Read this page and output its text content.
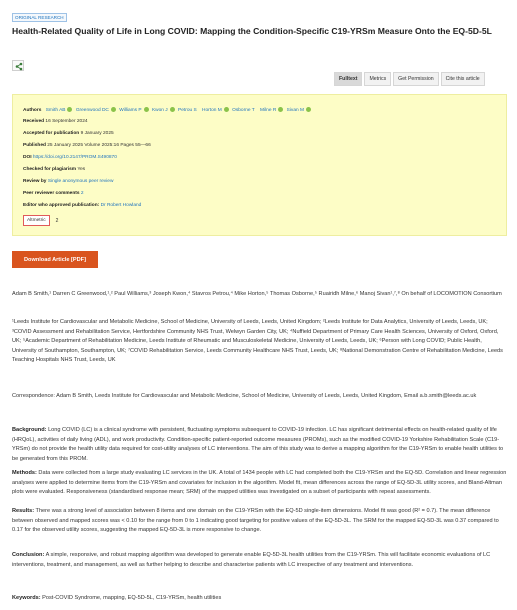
ORIGINAL RESEARCH
Health-Related Quality of Life in Long COVID: Mapping the Condition-Specific C19-YRSm Measure Onto the EQ-5D-5L
Fulltext	Metrics	Get Permission	Cite this article
Authors Smith AB Greenwood DC Williams P Kwon J Petrou S Horton M Osborne T Milne R Sivan M
Received 16 September 2024
Accepted for publication 9 January 2025
Published 25 January 2025 Volume 2025:16 Pages 55—66
DOI https://doi.org/10.2147/PROM.S490870
Checked for plagiarism Yes
Review by Single anonymous peer review
Peer reviewer comments 2
Editor who approved publication: Dr Robert Howland
Altmetric	2
Download Article [PDF]

Adam B Smith,¹ Darren C Greenwood,¹,² Paul Williams,³ Joseph Kwon,⁴ Stavros Petrou,⁴ Mike Horton,⁵ Thomas Osborne,⁵ Ruairidh Milne,⁶ Manoj Sivan¹,⁷,⁸ On behalf of LOCOMOTION Consortium

¹Leeds Institute for Cardiovascular and Metabolic Medicine, School of Medicine, University of Leeds, Leeds, United Kingdom; ²Leeds Institute for Data Analytics, University of Leeds, Leeds, UK; ³COVID Assessment and Rehabilitation Service, Hertfordshire Community NHS Trust, Welwyn Garden City, UK; ⁴Nuffield Department of Primary Care Health Sciences, University of Oxford, Oxford, UK; ⁵Academic Department of Rehabilitation Medicine, Leeds Institute of Rheumatic and Musculoskeletal Medicine, University of Leeds, Leeds, UK; ⁶Person with Long COVID; Public Health, University of Southampton, Southampton, UK; ⁷COVID Rehabilitation Service, Leeds Community Healthcare NHS Trust, Leeds, UK; ⁸National Demonstration Centre of Rehabilitation Medicine, Leeds Teaching Hospitals NHS Trust, Leeds, UK

Correspondence: Adam B Smith, Leeds Institute for Cardiovascular and Metabolic Medicine, School of Medicine, University of Leeds, Leeds, United Kingdom, Email a.b.smith@leeds.ac.uk

Background: Long COVID (LC) is a clinical syndrome with persistent, fluctuating symptoms subsequent to COVID-19 infection. LC has significant detrimental effects on health-related quality of life (HRQoL), activities of daily living (ADL), and work productivity. Condition-specific patient-reported outcome measures (PROMs), such as the modified COVID-19 Yorkshire Rehabilitation Scale (C19-YRSm) do not provide the health utility data required for cost-utility analyses of LC interventions. The aim of this study was to derive a mapping algorithm for the C19-YRSm to enable health utilities to be generated from this PROM.

Methods: Data were collected from a large study evaluating LC services in the UK. A total of 1434 people with LC had completed both the C19-YRSm and the EQ-5D. Correlation and linear regression analyses were applied to determine items from the C19-YRSm and covariates for inclusion in the algorithm. Model fit, mean differences across the range of EQ-5D-3L utility scores, and Bland-Altman plots were evaluated. Responsiveness (standardised response mean; SRM) of the mapped utilities was investigated on a subset of participants with repeat assessments.

Results: There was a strong level of association between 8 items and one domain on the C19-YRSm with the EQ-5D single-item dimensions. Model fit was good (R² = 0.7). The mean difference between observed and mapped scores was < 0.10 for the range from 0 to 1 indicating good targeting for positive values of the EQ-5D-3L. The SRM for the mapped EQ-5D-3L was 0.37 compared to 0.17 for the observed utility scores, suggesting the mapped EQ-5D-3L is more responsive to change.

Conclusion: A simple, responsive, and robust mapping algorithm was developed to generate enable EQ-5D-3L health utilities from the C19-YRSm. This will facilitate economic evaluations of LC interventions, treatment, and management, as well as further helping to describe and characterise patients with LC irrespective of any treatment and interventions.

Keywords: Post-COVID Syndrome, mapping, EQ-5D-5L, C19-YRSm, health utilities
